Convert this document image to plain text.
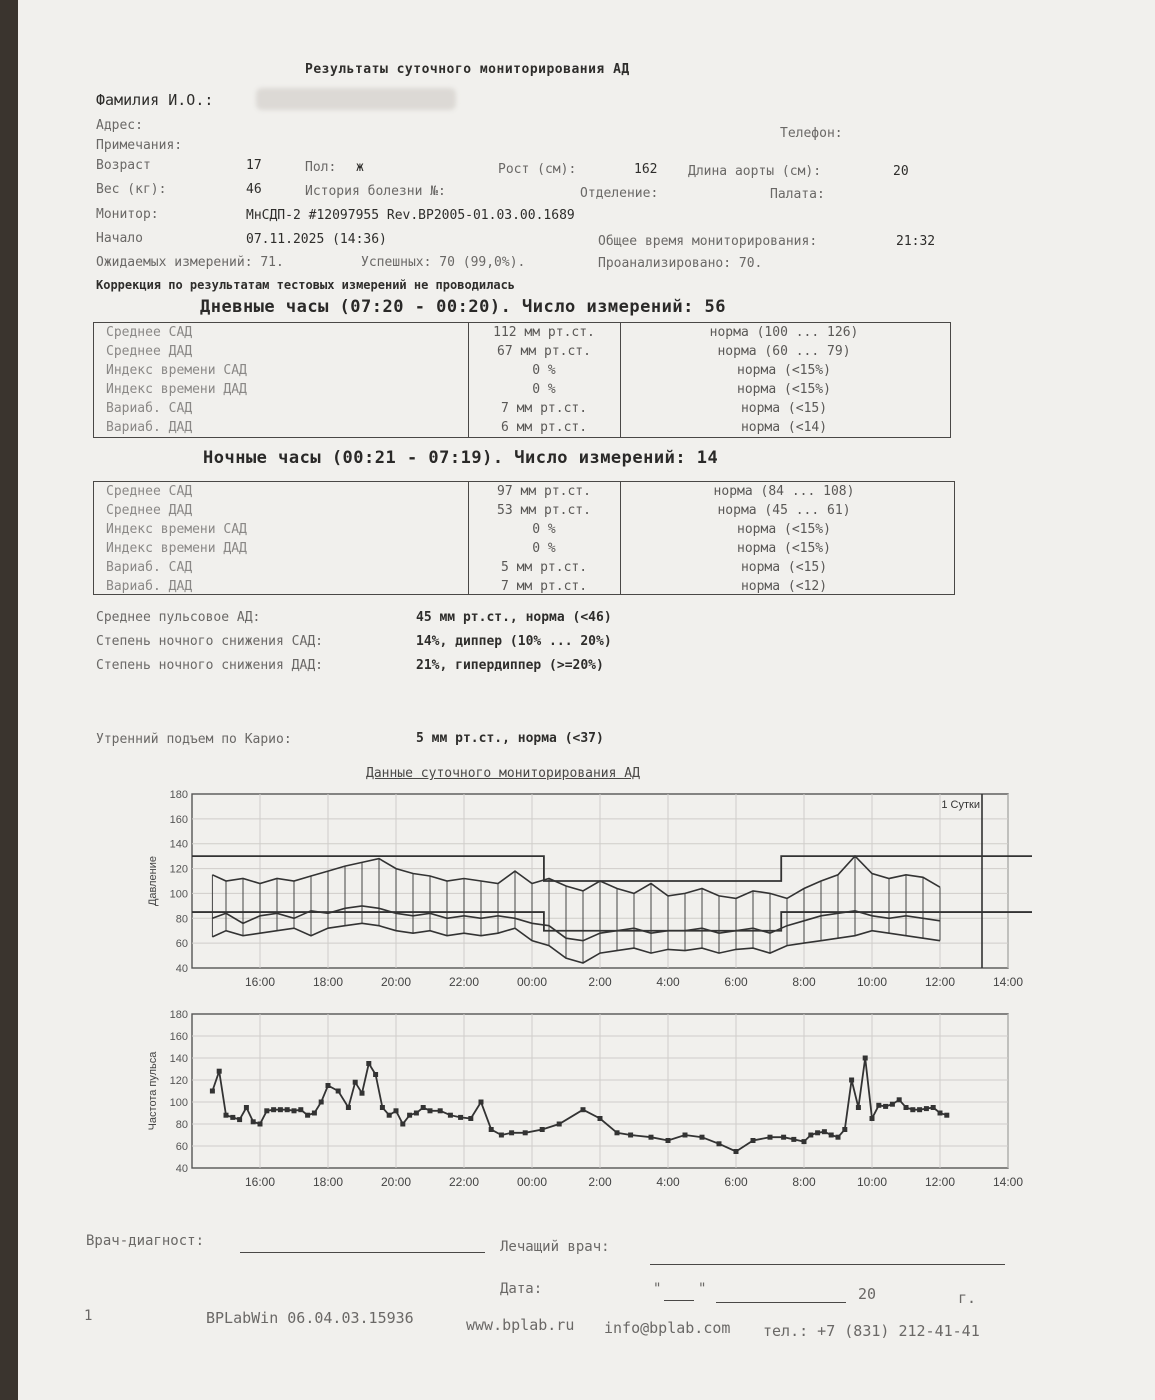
Результаты суточного мониторирования АД
Фамилия И.О.:
Адрес:
Телефон:
Примечания:
Возраст	17	Пол: ж	Рост (см):	162 Длина аорты (см):	20
Вес (кг):	46	История болезни №:	Отделение:	Палата:
Монитор:	МнСДП-2 #12097955 Rev.BP2005-01.03.00.1689
Начало	07.11.2025 (14:36)	Общее время мониторирования:	21:32
Ожидаемых измерений: 71.	Успешных: 70 (99,0%).	Проанализировано: 70.
Коррекция по результатам тестовых измерений не проводилась
Дневные часы (07:20 - 00:20). Число измерений: 56
Среднее САД	112 мм рт.ст.	норма (100 ... 126)
Среднее ДАД	67 мм рт.ст.	норма (60 ... 79)
Индекс времени САД	0 %	норма (<15%)
Индекс времени ДАД	0 %	норма (<15%)
Вариаб. САД	7 мм рт.ст.	норма (<15)
Вариаб. ДАД	6 мм рт.ст.	норма (<14)
Ночные часы (00:21 - 07:19). Число измерений: 14
Среднее САД	97 мм рт.ст.	норма (84 ... 108)
Среднее ДАД	53 мм рт.ст.	норма (45 ... 61)
Индекс времени САД	0 %	норма (<15%)
Индекс времени ДАД	0 %	норма (<15%)
Вариаб. САД	5 мм рт.ст.	норма (<15)
Вариаб. ДАД	7 мм рт.ст.	норма (<12)
Среднее пульсовое АД:	45 мм рт.ст., норма (<46)
Степень ночного снижения САД:	14%, диппер (10% ... 20%)
Степень ночного снижения ДАД:	21%, гипердиппер (>=20%)
Утренний подъем по Карио:	5 мм рт.ст., норма (<37)
Данные суточного мониторирования АД
180
160
140
120
100
80
60
40
16:00	18:00	20:00	22:00	00:00	2:00	4:00	6:00	8:00	10:00	12:00	14:00
Давление
1 Сутки
180
160
140
120
100
80
60
40
16:00	18:00	20:00	22:00	00:00	2:00	4:00	6:00	8:00	10:00	12:00	14:00
Частота пульса
Врач-диагност:	Лечащий врач:
Дата:	"	"	20	г.
1	BPLabWin 06.04.03.15936	www.bplab.ru info@bplab.com тел.: +7 (831) 212-41-41
